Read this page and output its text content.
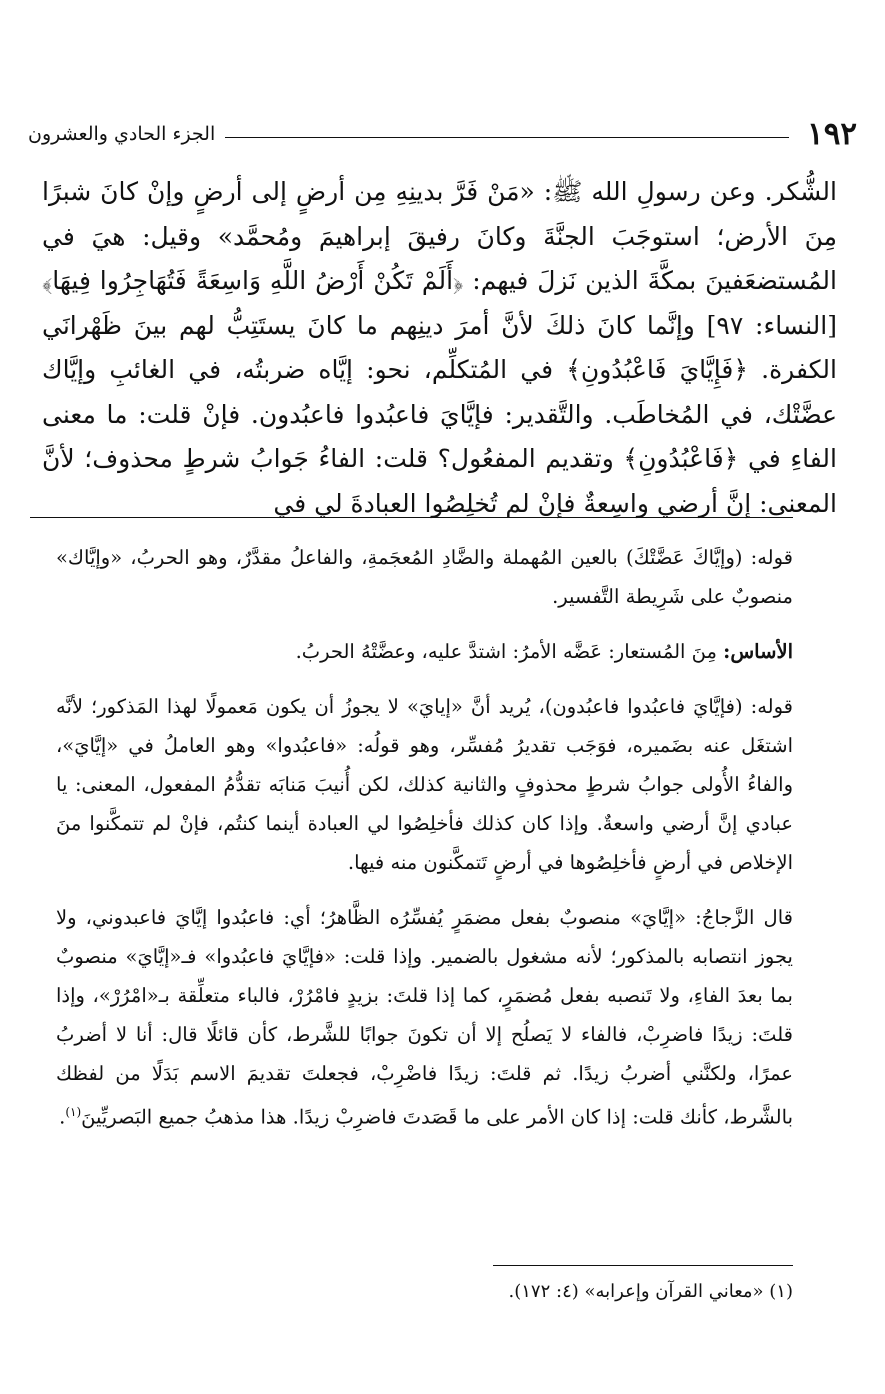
١٩٢
الجزء الحادي والعشرون

الشُّكر. وعن رسولِ الله ﷺ: «مَنْ فَرَّ بدينِهِ مِن أرضٍ إلى أرضٍ وإنْ كانَ شبرًا مِنَ الأرض؛ استوجَبَ الجنَّةَ وكانَ رفيقَ إبراهيمَ ومُحمَّد» وقيل: هيَ في المُستضعَفينَ بمكَّةَ الذين نَزلَ فيهم: ﴿أَلَمْ تَكُنْ أَرْضُ اللَّهِ وَاسِعَةً فَتُهَاجِرُوا فِيهَا﴾ [النساء: ٩٧] وإنَّما كانَ ذلكَ لأنَّ أمرَ دينِهم ما كانَ يستَتِبُّ لهم بينَ ظَهْرانَي الكفرة. ﴿فَإِيَّايَ فَاعْبُدُونِ﴾ في المُتكلِّم، نحو: إيَّاه ضربتُه، في الغائبِ وإيَّاك عضَّتْك، في المُخاطَب. والتَّقدير: فإيَّايَ فاعبُدوا فاعبُدون. فإنْ قلت: ما معنى الفاءِ في ﴿فَاعْبُدُونِ﴾ وتقديم المفعُول؟ قلت: الفاءُ جَوابُ شرطٍ محذوف؛ لأنَّ المعنى: إنَّ أرضي واسِعةٌ فإنْ لم تُخلِصُوا العبادةَ لي في

قوله: (وإيَّاكَ عَضَّتْكَ) بالعين المُهملة والضَّادِ المُعجَمةِ، والفاعلُ مقدَّرٌ، وهو الحربُ، «وإيَّاك» منصوبٌ على شَرِيطة التَّفسير.

الأساس: مِنَ المُستعار: عَضَّه الأمرُ: اشتدَّ عليه، وعضَّتْهُ الحربُ.

قوله: (فإيَّايَ فاعبُدوا فاعبُدون)، يُريد أنَّ «إيايَ» لا يجوزُ أن يكون مَعمولًا لهذا المَذكور؛ لأنَّه اشتغَل عنه بضَميره، فوَجَب تقديرُ مُفسِّر، وهو قولُه: «فاعبُدوا» وهو العاملُ في «إيَّايَ»، والفاءُ الأُولى جوابُ شرطٍ محذوفٍ والثانية كذلك، لكن أُنيبَ مَنابَه تقدُّمُ المفعول، المعنى: يا عبادي إنَّ أرضي واسعةٌ. وإذا كان كذلك فأخلِصُوا لي العبادة أينما كنتُم، فإنْ لم تتمكَّنوا منَ الإخلاص في أرضٍ فأخلِصُوها في أرضٍ تَتمكَّنون منه فيها.

قال الزَّجاجُ: «إيَّايَ» منصوبٌ بفعل مضمَرٍ يُفسِّرُه الظَّاهرُ؛ أي: فاعبُدوا إيَّايَ فاعبدوني، ولا يجوز انتصابه بالمذكور؛ لأنه مشغول بالضمير. وإذا قلت: «فإيَّايَ فاعبُدوا» فـ«إيَّايَ» منصوبٌ بما بعدَ الفاءِ، ولا تَنصبه بفعل مُضمَرٍ، كما إذا قلتَ: بزيدٍ فامْرُرْ، فالباء متعلِّقة بـ«امْرُرْ»، وإذا قلتَ: زيدًا فاضرِبْ، فالفاء لا يَصلُح إلا أن تكونَ جوابًا للشَّرط، كأن قائلًا قال: أنا لا أضربُ عمرًا، ولكنَّني أضربُ زيدًا. ثم قلتَ: زيدًا فاضْرِبْ، فجعلتَ تقديمَ الاسم بَدَلًا من لفظك بالشَّرط، كأنك قلت: إذا كان الأمر على ما قَصَدتَ فاضرِبْ زيدًا. هذا مذهبُ جميع البَصريِّينَ$^{(١)}$.

(١) «معاني القرآن وإعرابه» (٤: ١٧٢).
